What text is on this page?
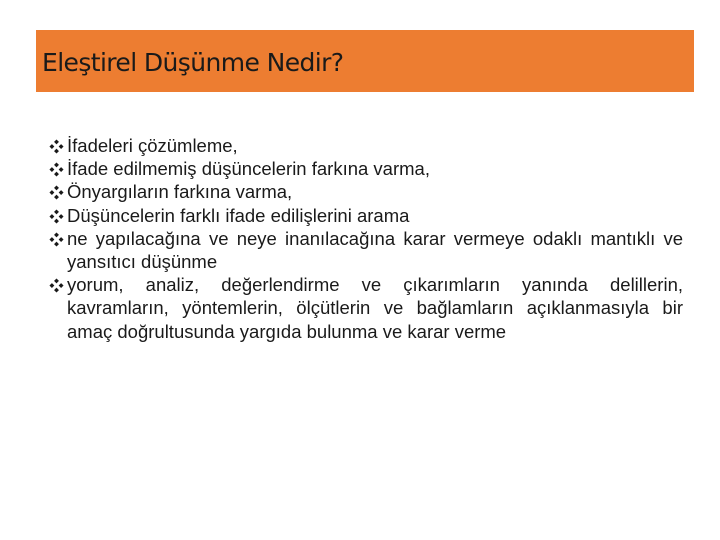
Eleştirel Düşünme Nedir?
İfadeleri çözümleme,
İfade edilmemiş düşüncelerin farkına varma,
Önyargıların farkına varma,
Düşüncelerin farklı ifade edilişlerini arama
ne yapılacağına ve neye inanılacağına karar vermeye odaklı mantıklı ve yansıtıcı düşünme
yorum, analiz, değerlendirme ve çıkarımların yanında delillerin, kavramların, yöntemlerin, ölçütlerin ve bağlamların açıklanmasıyla bir amaç doğrultusunda yargıda bulunma ve karar verme
